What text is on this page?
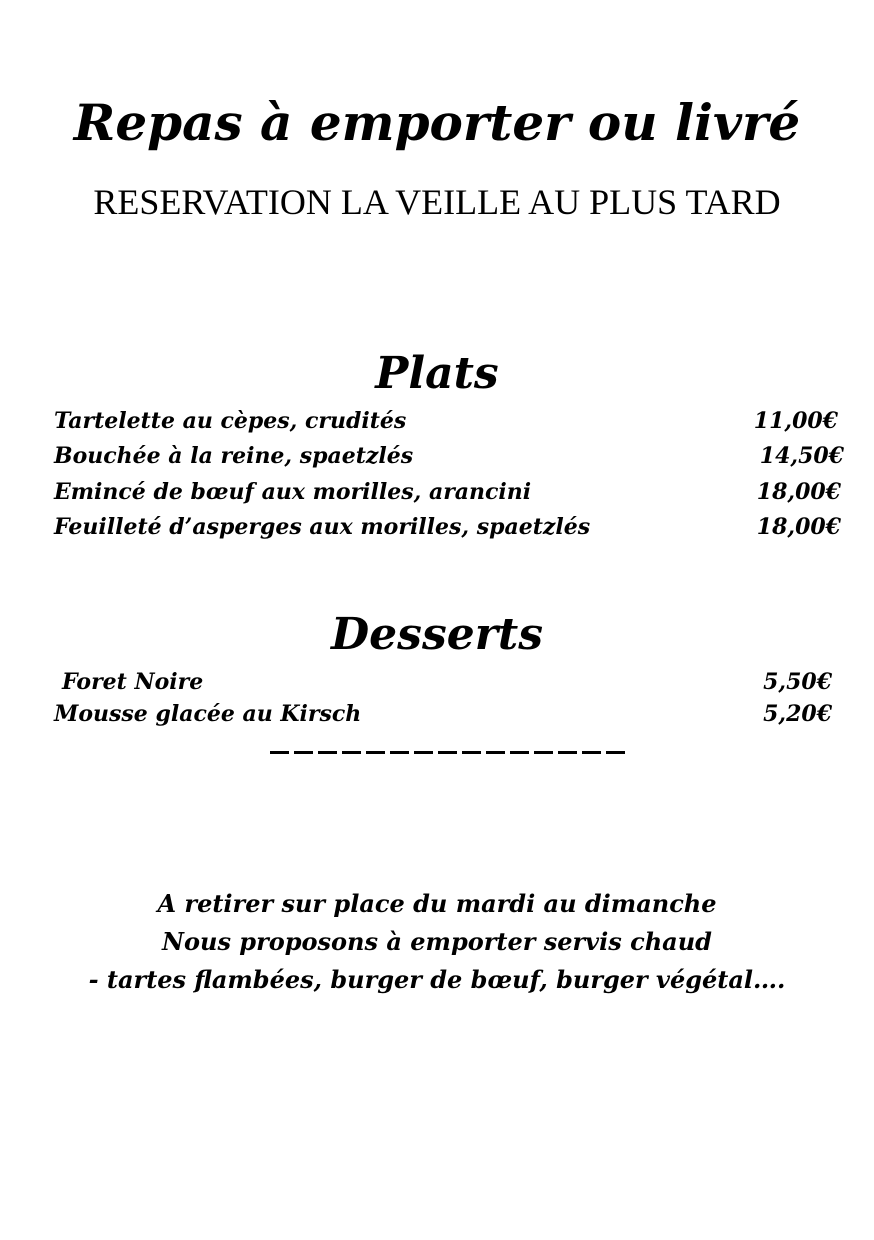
Repas à emporter ou livré
RESERVATION LA VEILLE AU PLUS TARD
Plats
Tartelette au cèpes, crudités	11,00€
Bouchée à la reine, spaetzlés	14,50€
Emincé de bœuf aux morilles, arancini	18,00€
Feuilleté d’asperges aux morilles, spaetzlés	18,00€
Desserts
Foret Noire	5,50€
Mousse glacée au Kirsch	5,20€
A retirer sur place du mardi au dimanche
Nous proposons à emporter servis chaud
- tartes flambées, burger de bœuf, burger végétal….
